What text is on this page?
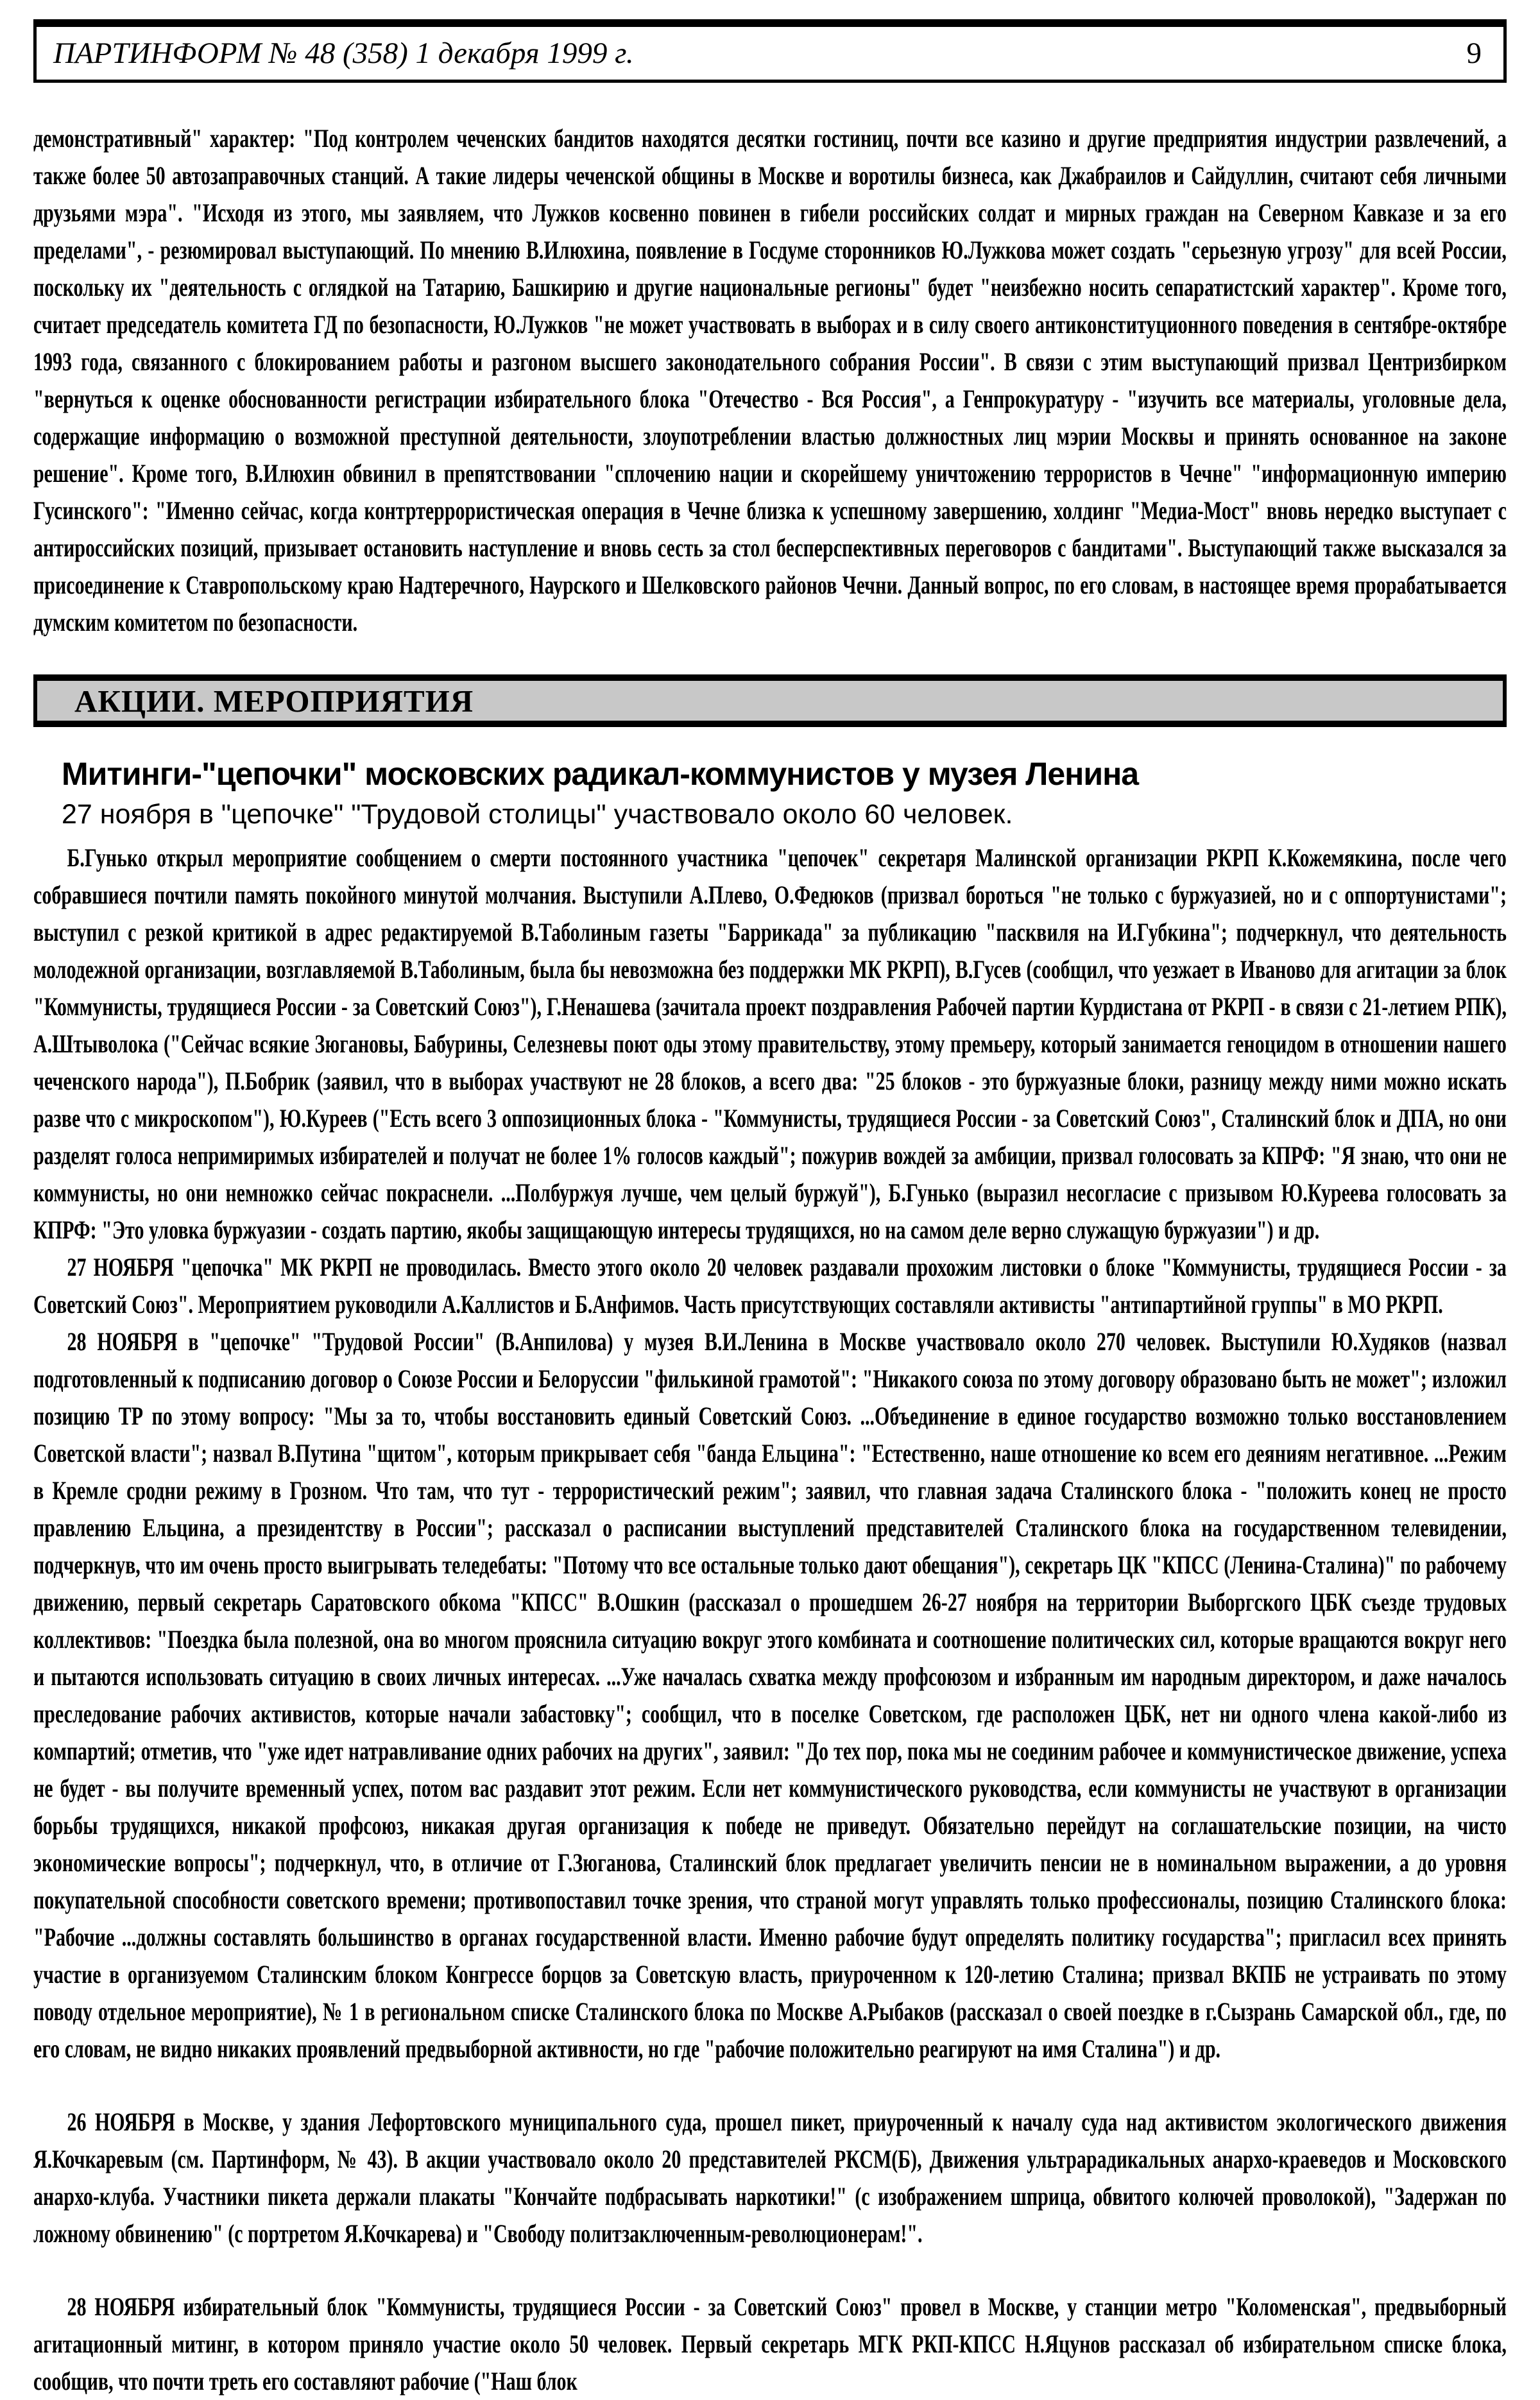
ПАРТИНФОРМ № 48 (358) 1 декабря 1999 г.	9

демонстративный" характер: "Под контролем чеченских бандитов находятся десятки гостиниц, почти все казино и другие предприятия индустрии развлечений, а также более 50 автозаправочных станций. А такие лидеры чеченской общины в Москве и воротилы бизнеса, как Джабраилов и Сайдуллин, считают себя личными друзьями мэра". "Исходя из этого, мы заявляем, что Лужков косвенно повинен в гибели российских солдат и мирных граждан на Северном Кавказе и за его пределами", - резюмировал выступающий. По мнению В.Илюхина, появление в Госдуме сторонников Ю.Лужкова может создать "серьезную угрозу" для всей России, поскольку их "деятельность с оглядкой на Татарию, Башкирию и другие национальные регионы" будет "неизбежно носить сепаратистский характер". Кроме того, считает председатель комитета ГД по безопасности, Ю.Лужков "не может участвовать в выборах и в силу своего антиконституционного поведения в сентябре-октябре 1993 года, связанного с блокированием работы и разгоном высшего законодательного собрания России". В связи с этим выступающий призвал Центризбирком "вернуться к оценке обоснованности регистрации избирательного блока "Отечество - Вся Россия", а Генпрокуратуру - "изучить все материалы, уголовные дела, содержащие информацию о возможной преступной деятельности, злоупотреблении властью должностных лиц мэрии Москвы и принять основанное на законе решение". Кроме того, В.Илюхин обвинил в препятствовании "сплочению нации и скорейшему уничтожению террористов в Чечне" "информационную империю Гусинского": "Именно сейчас, когда контртеррористическая операция в Чечне близка к успешному завершению, холдинг "Медиа-Мост" вновь нередко выступает с антироссийских позиций, призывает остановить наступление и вновь сесть за стол бесперспективных переговоров с бандитами". Выступающий также высказался за присоединение к Ставропольскому краю Надтеречного, Наурского и Шелковского районов Чечни. Данный вопрос, по его словам, в настоящее время прорабатывается думским комитетом по безопасности.

АКЦИИ. МЕРОПРИЯТИЯ
Митинги-"цепочки" московских радикал-коммунистов у музея Ленина
27 ноября в "цепочке" "Трудовой столицы" участвовало около 60 человек.

Б.Гунько открыл мероприятие сообщением о смерти постоянного участника "цепочек" секретаря Малинской организации РКРП К.Кожемякина, после чего собравшиеся почтили память покойного минутой молчания. Выступили А.Плево, О.Федюков (призвал бороться "не только с буржуазией, но и с оппортунистами"; выступил с резкой критикой в адрес редактируемой В.Таболиным газеты "Баррикада" за публикацию "пасквиля на И.Губкина"; подчеркнул, что деятельность молодежной организации, возглавляемой В.Таболиным, была бы невозможна без поддержки МК РКРП), В.Гусев (сообщил, что уезжает в Иваново для агитации за блок "Коммунисты, трудящиеся России - за Советский Союз"), Г.Ненашева (зачитала проект поздравления Рабочей партии Курдистана от РКРП - в связи с 21-летием РПК), А.Штыволока ("Сейчас всякие Зюгановы, Бабурины, Селезневы поют оды этому правительству, этому премьеру, который занимается геноцидом в отношении нашего чеченского народа"), П.Бобрик (заявил, что в выборах участвуют не 28 блоков, а всего два: "25 блоков - это буржуазные блоки, разницу между ними можно искать разве что с микроскопом"), Ю.Куреев ("Есть всего 3 оппозиционных блока - "Коммунисты, трудящиеся России - за Советский Союз", Сталинский блок и ДПА, но они разделят голоса непримиримых избирателей и получат не более 1% голосов каждый"; пожурив вождей за амбиции, призвал голосовать за КПРФ: "Я знаю, что они не коммунисты, но они немножко сейчас покраснели. ...Полбуржуя лучше, чем целый буржуй"), Б.Гунько (выразил несогласие с призывом Ю.Куреева голосовать за КПРФ: "Это уловка буржуазии - создать партию, якобы защищающую интересы трудящихся, но на самом деле верно служащую буржуазии") и др.

27 НОЯБРЯ "цепочка" МК РКРП не проводилась. Вместо этого около 20 человек раздавали прохожим листовки о блоке "Коммунисты, трудящиеся России - за Советский Союз". Мероприятием руководили А.Каллистов и Б.Анфимов. Часть присутствующих составляли активисты "антипартийной группы" в МО РКРП.

28 НОЯБРЯ в "цепочке" "Трудовой России" (В.Анпилова) у музея В.И.Ленина в Москве участвовало около 270 человек. Выступили Ю.Худяков (назвал подготовленный к подписанию договор о Союзе России и Белоруссии "филькиной грамотой": "Никакого союза по этому договору образовано быть не может"; изложил позицию ТР по этому вопросу: "Мы за то, чтобы восстановить единый Советский Союз. ...Объединение в единое государство возможно только восстановлением Советской власти"; назвал В.Путина "щитом", которым прикрывает себя "банда Ельцина": "Естественно, наше отношение ко всем его деяниям негативное. ...Режим в Кремле сродни режиму в Грозном. Что там, что тут - террористический режим"; заявил, что главная задача Сталинского блока - "положить конец не просто правлению Ельцина, а президентству в России"; рассказал о расписании выступлений представителей Сталинского блока на государственном телевидении, подчеркнув, что им очень просто выигрывать теледебаты: "Потому что все остальные только дают обещания"), секретарь ЦК "КПСС (Ленина-Сталина)" по рабочему движению, первый секретарь Саратовского обкома "КПСС" В.Ошкин (рассказал о прошедшем 26-27 ноября на территории Выборгского ЦБК съезде трудовых коллективов: "Поездка была полезной, она во многом прояснила ситуацию вокруг этого комбината и соотношение политических сил, которые вращаются вокруг него и пытаются использовать ситуацию в своих личных интересах. ...Уже началась схватка между профсоюзом и избранным им народным директором, и даже началось преследование рабочих активистов, которые начали забастовку"; сообщил, что в поселке Советском, где расположен ЦБК, нет ни одного члена какой-либо из компартий; отметив, что "уже идет натравливание одних рабочих на других", заявил: "До тех пор, пока мы не соединим рабочее и коммунистическое движение, успеха не будет - вы получите временный успех, потом вас раздавит этот режим. Если нет коммунистического руководства, если коммунисты не участвуют в организации борьбы трудящихся, никакой профсоюз, никакая другая организация к победе не приведут. Обязательно перейдут на соглашательские позиции, на чисто экономические вопросы"; подчеркнул, что, в отличие от Г.Зюганова, Сталинский блок предлагает увеличить пенсии не в номинальном выражении, а до уровня покупательной способности советского времени; противопоставил точке зрения, что страной могут управлять только профессионалы, позицию Сталинского блока: "Рабочие ...должны составлять большинство в органах государственной власти. Именно рабочие будут определять политику государства"; пригласил всех принять участие в организуемом Сталинским блоком Конгрессе борцов за Советскую власть, приуроченном к 120-летию Сталина; призвал ВКПБ не устраивать по этому поводу отдельное мероприятие), № 1 в региональном списке Сталинского блока по Москве А.Рыбаков (рассказал о своей поездке в г.Сызрань Самарской обл., где, по его словам, не видно никаких проявлений предвыборной активности, но где "рабочие положительно реагируют на имя Сталина") и др.

26 НОЯБРЯ в Москве, у здания Лефортовского муниципального суда, прошел пикет, приуроченный к началу суда над активистом экологического движения Я.Кочкаревым (см. Партинформ, № 43). В акции участвовало около 20 представителей РКСМ(Б), Движения ультрарадикальных анархо-краеведов и Московского анархо-клуба. Участники пикета держали плакаты "Кончайте подбрасывать наркотики!" (с изображением шприца, обвитого колючей проволокой), "Задержан по ложному обвинению" (с портретом Я.Кочкарева) и "Свободу политзаключенным-революционерам!".

28 НОЯБРЯ избирательный блок "Коммунисты, трудящиеся России - за Советский Союз" провел в Москве, у станции метро "Коломенская", предвыборный агитационный митинг, в котором приняло участие около 50 человек. Первый секретарь МГК РКП-КПСС Н.Яцунов рассказал об избирательном списке блока, сообщив, что почти треть его составляют рабочие ("Наш блок
